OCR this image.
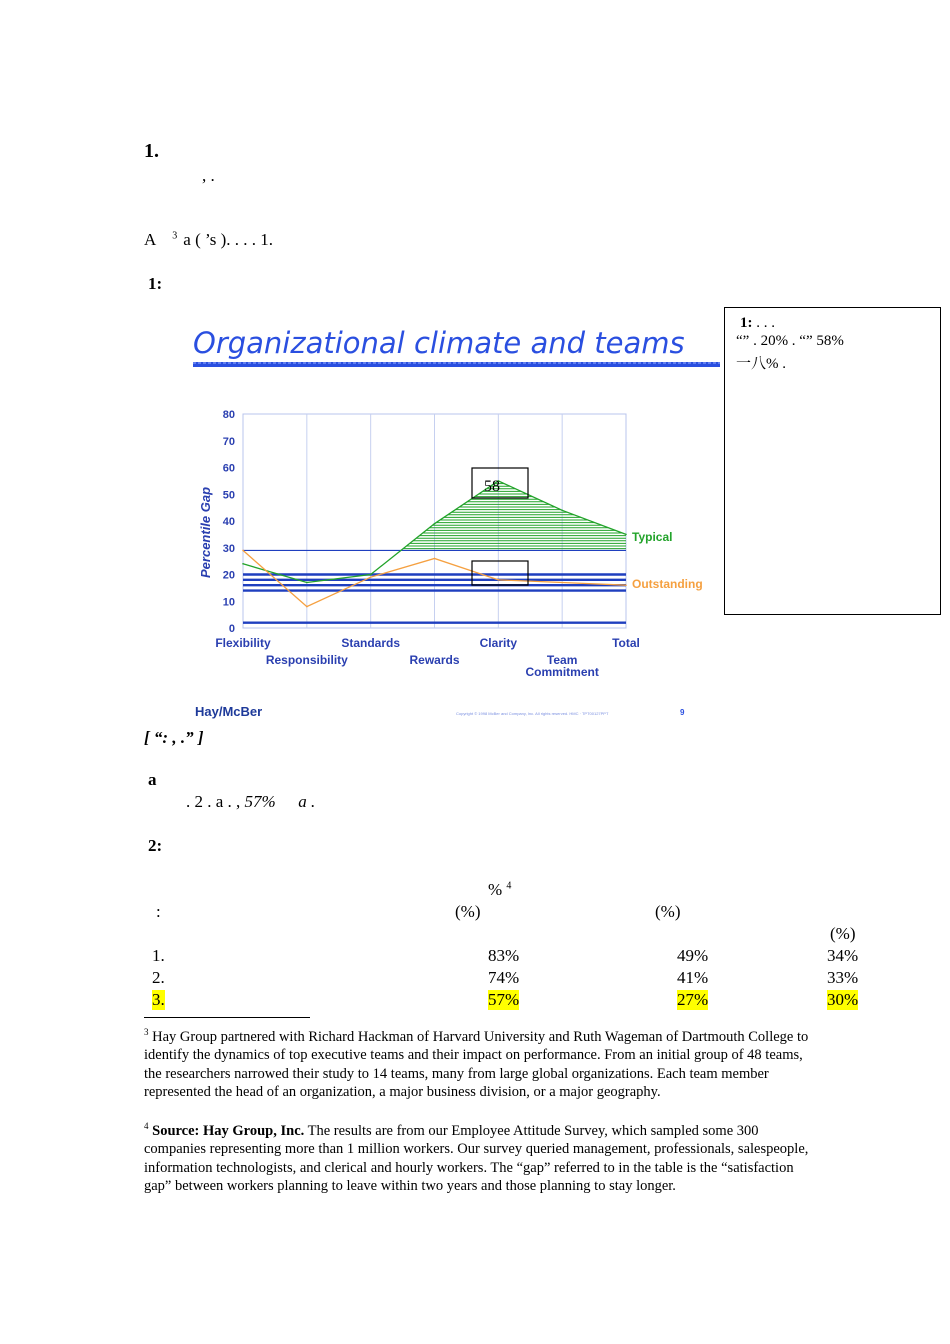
1.
, .
A $^3$ a ( ’s ). . . . 1.
1:
Organizational climate and teams
0
10
20
30
40
50
60
70
80
Flexibility	Standards	Clarity	Total
Responsibility	Rewards	Team
Commitment
Percentile Gap	Typical
Outstanding
58
Hay/McBer	Copyright © 1998 McBer and Company, Inc. All rights reserved. HMC · TPT00127PPT	9
1: . . .
“” . 20% . “” 58%
一八% .
[ “: , .” ]
a
. 2 . a . , 57% a .
2:
% $^4$
:	(%)	(%)
(%)
1.	83%	49%	34%
2.	74%	41%	33%
3.	57%	27%	30%
$^3$ Hay Group partnered with Richard Hackman of Harvard University and Ruth Wageman of Dartmouth College to identify the dynamics of top executive teams and their impact on performance. From an initial group of 48 teams, the researchers narrowed their study to 14 teams, many from large global organizations. Each team member represented the head of an organization, a major business division, or a major geography.
$^4$ Source: Hay Group, Inc. The results are from our Employee Attitude Survey, which sampled some 300 companies representing more than 1 million workers. Our survey queried management, professionals, salespeople, information technologists, and clerical and hourly workers. The “gap” referred to in the table is the “satisfaction gap” between workers planning to leave within two years and those planning to stay longer.
